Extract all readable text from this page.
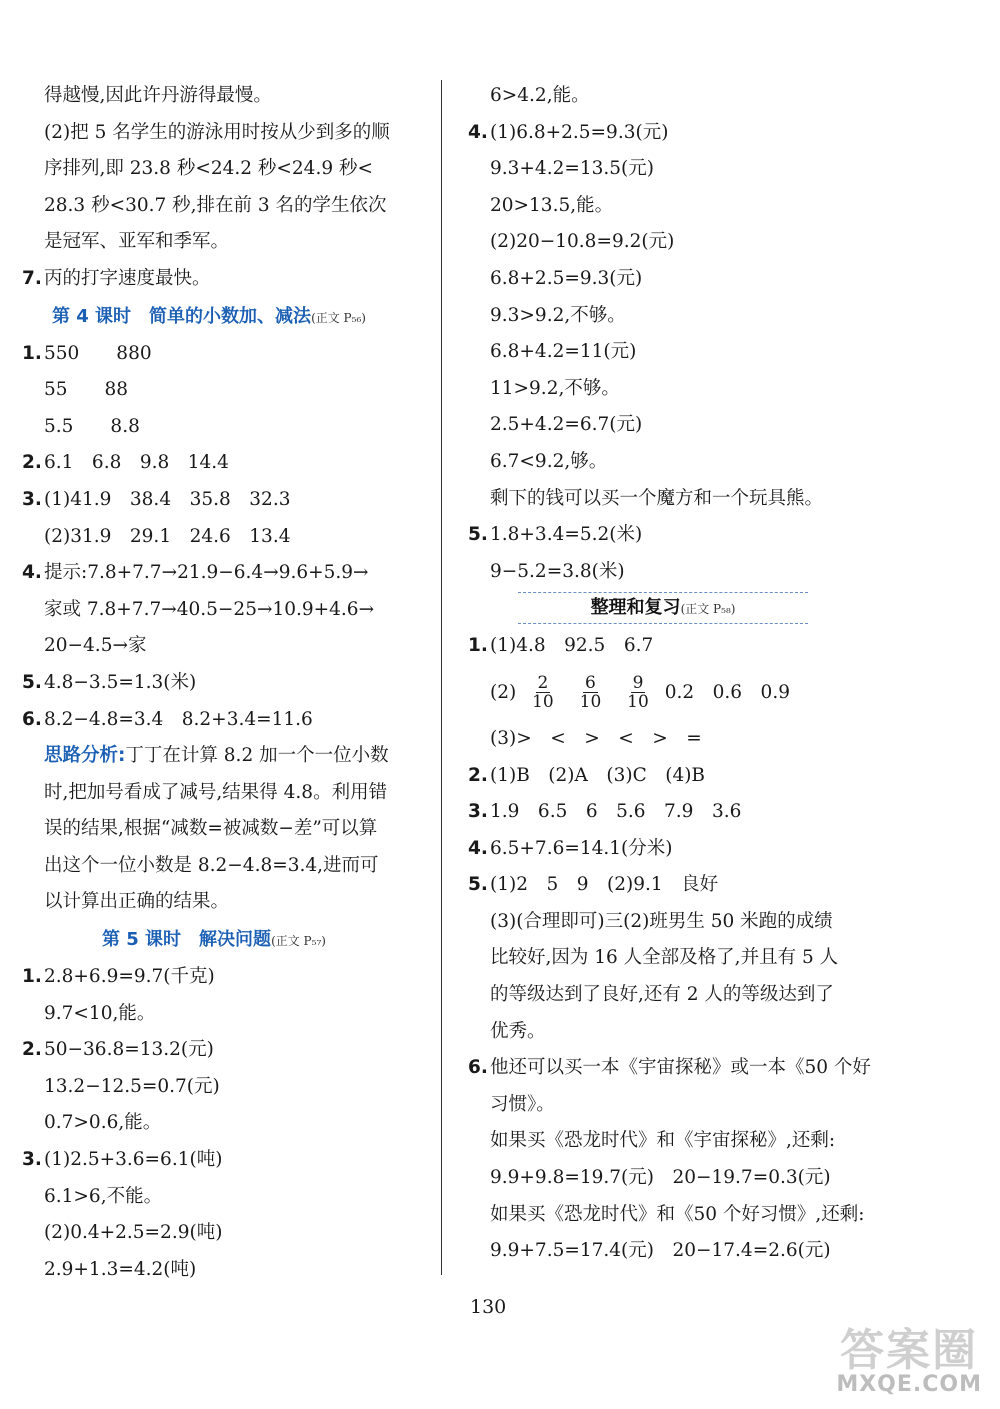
得越慢,因此许丹游得最慢。
(2)把 5 名学生的游泳用时按从少到多的顺
序排列,即 23.8 秒<24.2 秒<24.9 秒<
28.3 秒<30.7 秒,排在前 3 名的学生依次
是冠军、亚军和季军。
7. 丙的打字速度最快。
第 4 课时　简单的小数加、减法(正文 P₅₆)
1. 550　　880
55　　88
5.5　　8.8
2. 6.1　6.8　9.8　14.4
3. (1)41.9　38.4　35.8　32.3
(2)31.9　29.1　24.6　13.4
4. 提示:7.8+7.7→21.9−6.4→9.6+5.9→
家或 7.8+7.7→40.5−25→10.9+4.6→
20−4.5→家
5. 4.8−3.5=1.3(米)
6. 8.2−4.8=3.4　8.2+3.4=11.6
思路分析:丁丁在计算 8.2 加一个一位小数
时,把加号看成了减号,结果得 4.8。利用错
误的结果,根据“减数=被减数−差”可以算
出这个一位小数是 8.2−4.8=3.4,进而可
以计算出正确的结果。
第 5 课时　解决问题(正文 P₅₇)
1. 2.8+6.9=9.7(千克)
9.7<10,能。
2. 50−36.8=13.2(元)
13.2−12.5=0.7(元)
0.7>0.6,能。
3. (1)2.5+3.6=6.1(吨)
6.1>6,不能。
(2)0.4+2.5=2.9(吨)
2.9+1.3=4.2(吨)
6>4.2,能。
4. (1)6.8+2.5=9.3(元)
9.3+4.2=13.5(元)
20>13.5,能。
(2)20−10.8=9.2(元)
6.8+2.5=9.3(元)
9.3>9.2,不够。
6.8+4.2=11(元)
11>9.2,不够。
2.5+4.2=6.7(元)
6.7<9.2,够。
剩下的钱可以买一个魔方和一个玩具熊。
5. 1.8+3.4=5.2(米)
9−5.2=3.8(米)
整理和复习(正文 P₅₈)
1. (1)4.8　92.5　6.7
$(2) \frac{2}{10}$
$\frac{6}{10}$
$\frac{9}{10} 0.2$　0.6　0.9
(3)>　<　>　<　>　=
2. (1)B　(2)A　(3)C　(4)B
3. 1.9　6.5　6　5.6　7.9　3.6
4. 6.5+7.6=14.1(分米)
5. (1)2　5　9　(2)9.1　良好
(3)(合理即可)三(2)班男生 50 米跑的成绩
比较好,因为 16 人全部及格了,并且有 5 人
的等级达到了良好,还有 2 人的等级达到了
优秀。
6. 他还可以买一本《宇宙探秘》或一本《50 个好
习惯》。
如果买《恐龙时代》和《宇宙探秘》,还剩:
9.9+9.8=19.7(元)　20−19.7=0.3(元)
如果买《恐龙时代》和《50 个好习惯》,还剩:
9.9+7.5=17.4(元)　20−17.4=2.6(元)
130
答案圈
MXQE.COM
